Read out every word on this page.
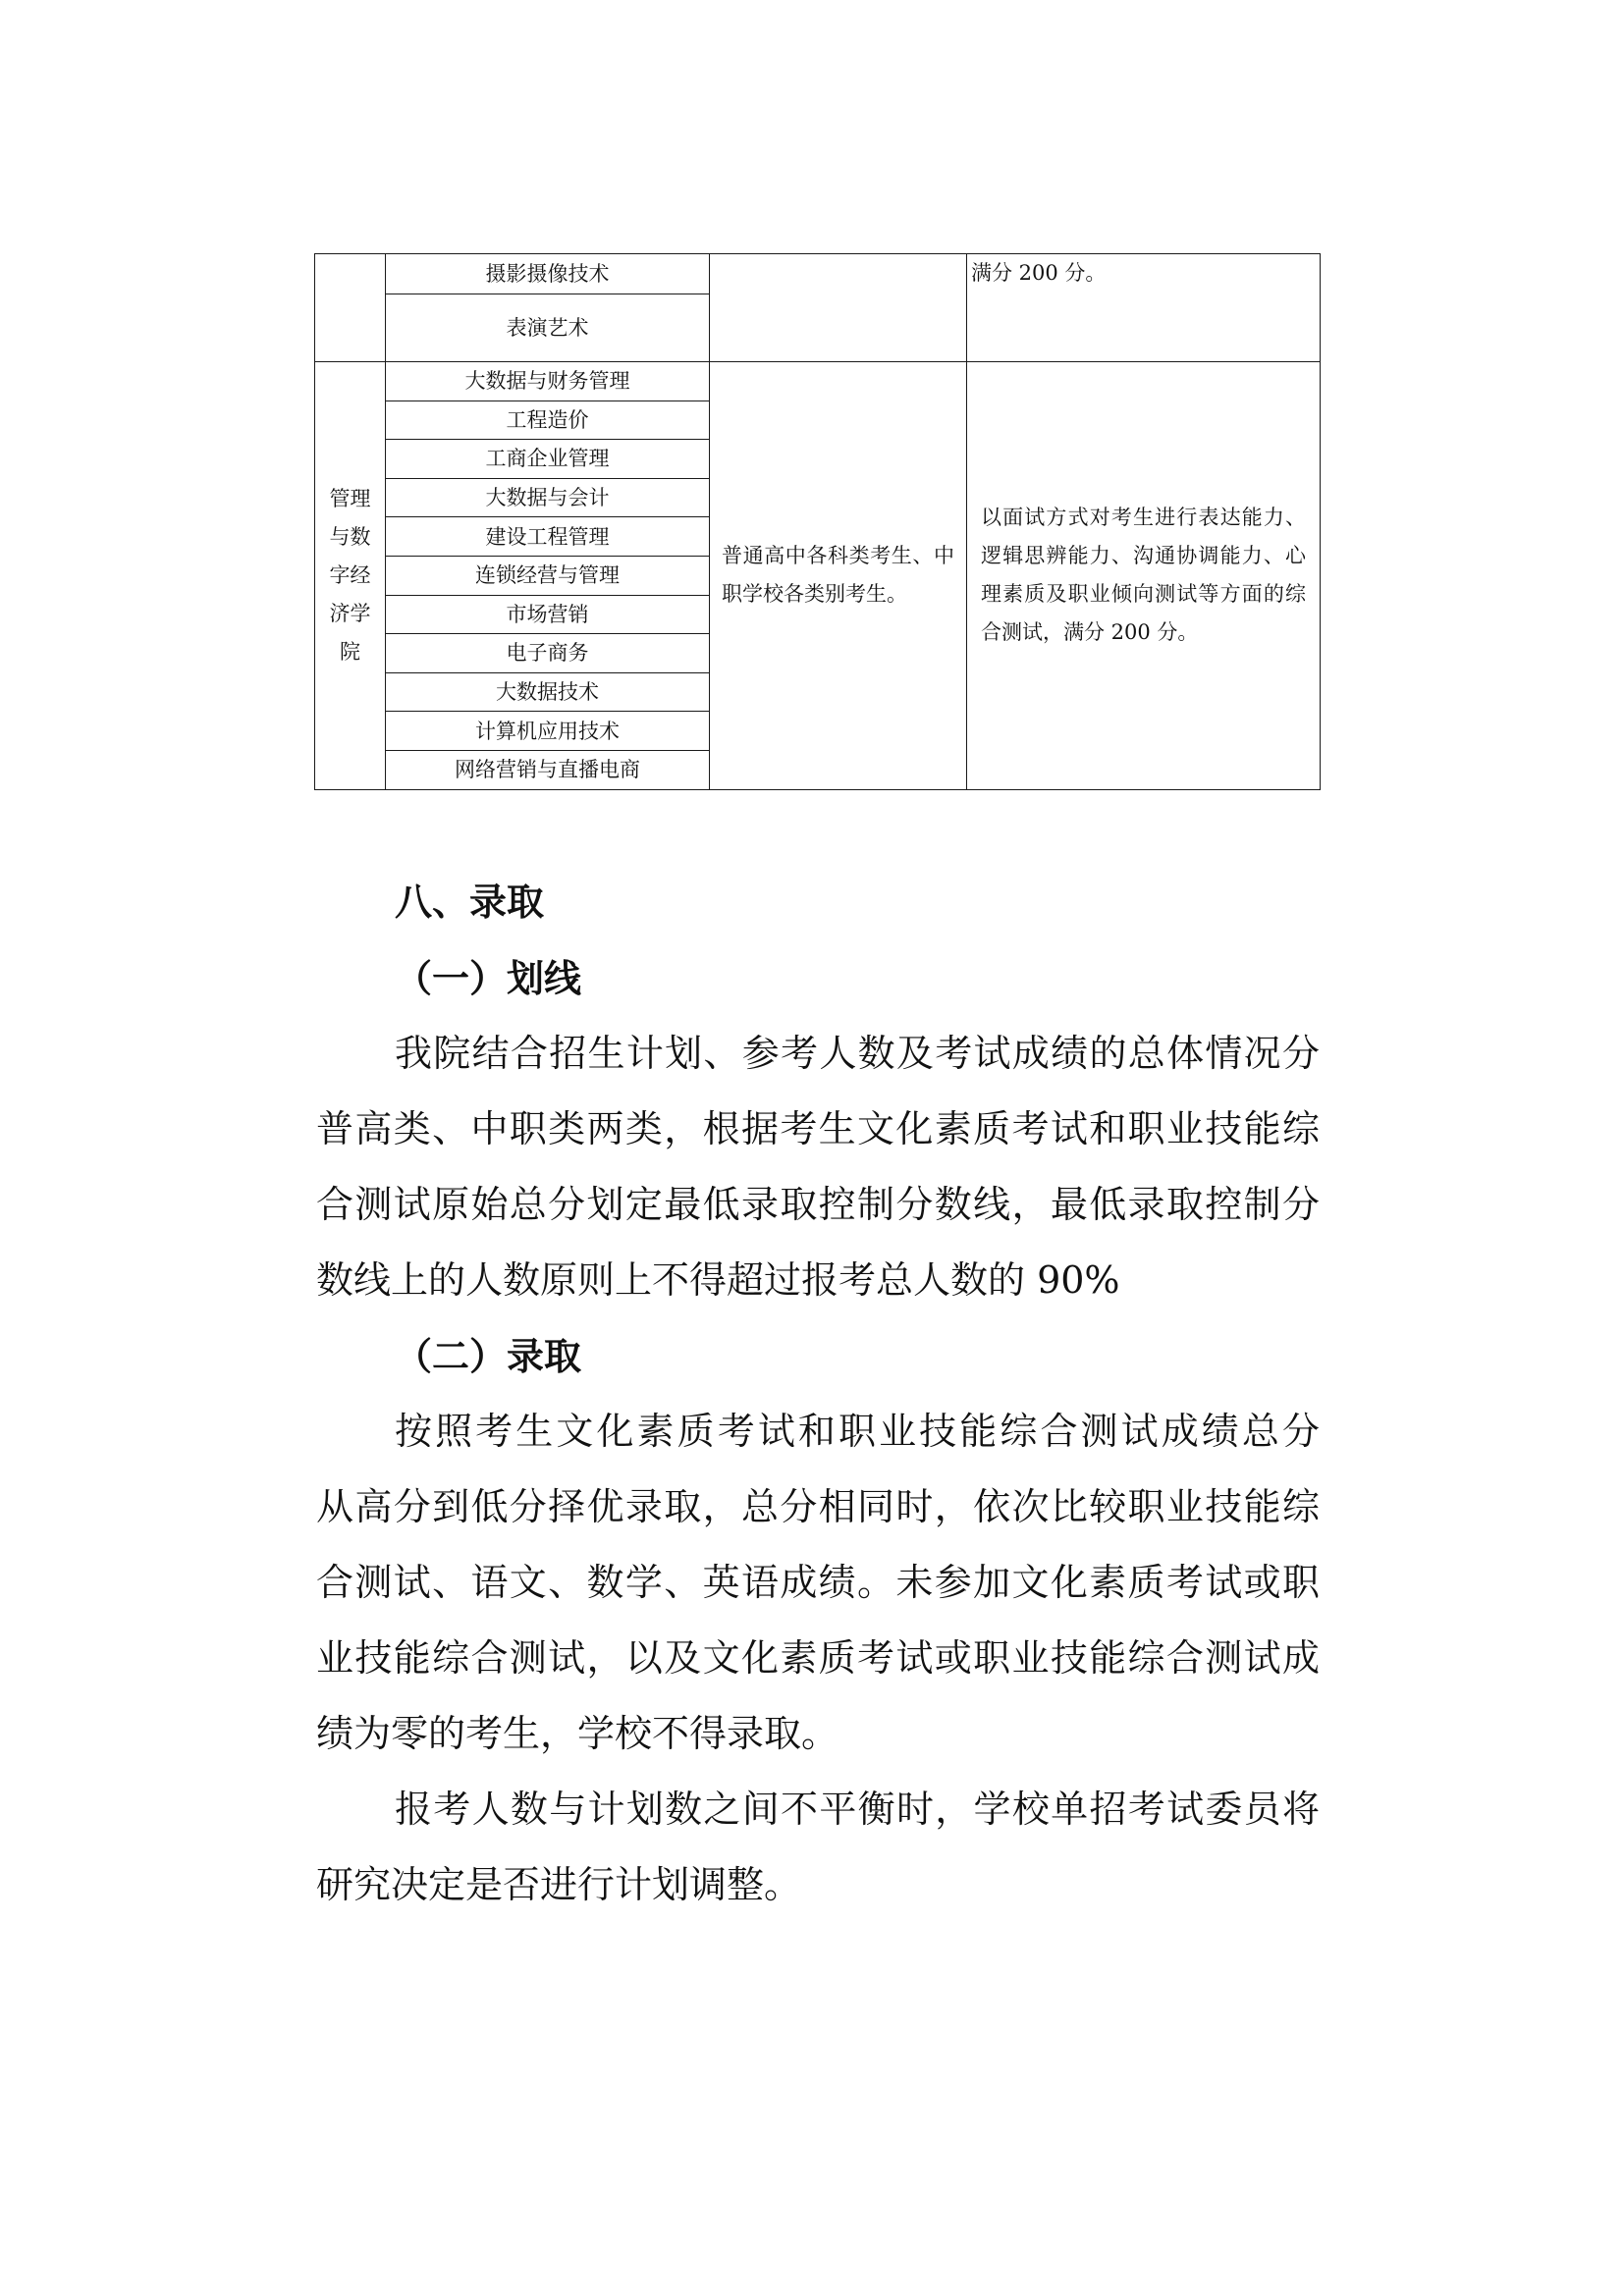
	摄影摄像技术		满分 200 分。
	表演艺术		
管理与数字经济学院	大数据与财务管理	普通高中各科类考生、中职学校各类别考生。	以面试方式对考生进行表达能力、逻辑思辨能力、沟通协调能力、心理素质及职业倾向测试等方面的综合测试，满分 200 分。
	工程造价		
	工商企业管理		
	大数据与会计		
	建设工程管理		
	连锁经营与管理		
	市场营销		
	电子商务		
	大数据技术		
	计算机应用技术		
	网络营销与直播电商		
八、录取
（一）划线
我院结合招生计划、参考人数及考试成绩的总体情况分
普高类、中职类两类，根据考生文化素质考试和职业技能综
合测试原始总分划定最低录取控制分数线，最低录取控制分
数线上的人数原则上不得超过报考总人数的 90%
（二）录取
按照考生文化素质考试和职业技能综合测试成绩总分
从高分到低分择优录取，总分相同时，依次比较职业技能综
合测试、语文、数学、英语成绩。未参加文化素质考试或职
业技能综合测试，以及文化素质考试或职业技能综合测试成
绩为零的考生，学校不得录取。
报考人数与计划数之间不平衡时，学校单招考试委员将
研究决定是否进行计划调整。
